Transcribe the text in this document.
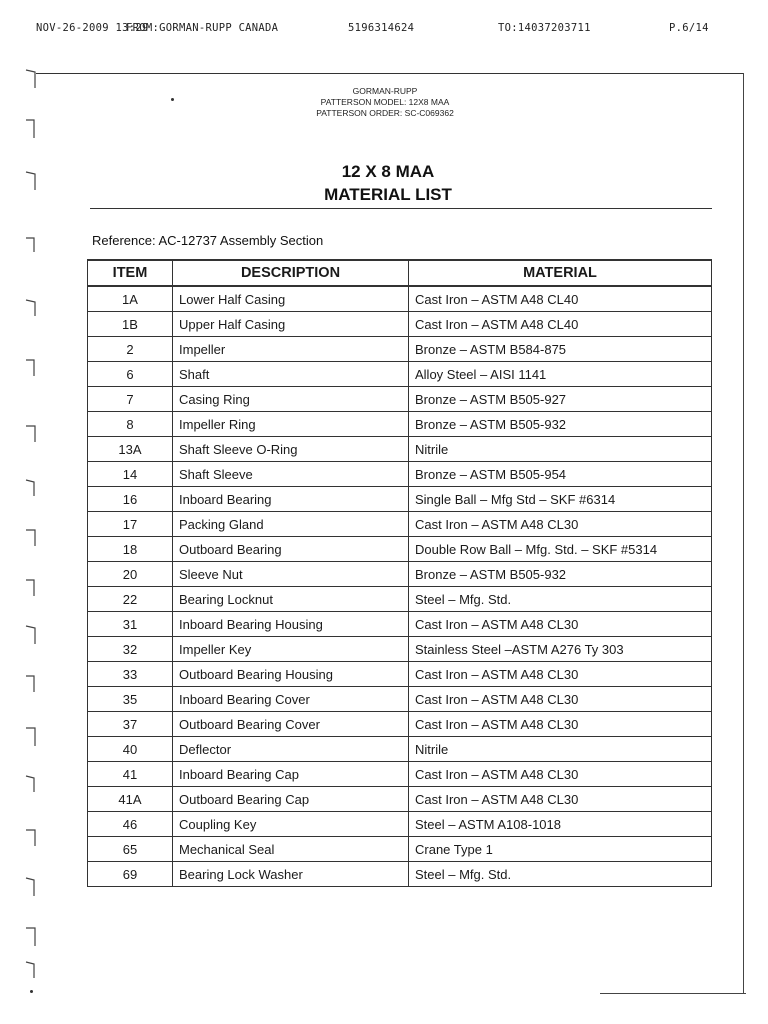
NOV-26-2009 13:29
FROM:GORMAN-RUPP CANADA	5196314624	TO:14037203711	P.6/14
GORMAN-RUPP
PATTERSON MODEL: 12X8 MAA
PATTERSON ORDER: SC-C069362
12 X 8 MAA
MATERIAL LIST
Reference: AC-12737 Assembly Section
ITEM	DESCRIPTION	MATERIAL
1A	Lower Half Casing	Cast Iron – ASTM A48 CL40
1B	Upper Half Casing	Cast Iron – ASTM A48 CL40
2	Impeller	Bronze – ASTM B584-875
6	Shaft	Alloy Steel – AISI 1141
7	Casing Ring	Bronze – ASTM B505-927
8	Impeller Ring	Bronze – ASTM B505-932
13A	Shaft Sleeve O-Ring	Nitrile
14	Shaft Sleeve	Bronze – ASTM B505-954
16	Inboard Bearing	Single Ball – Mfg Std – SKF #6314
17	Packing Gland	Cast Iron – ASTM A48 CL30
18	Outboard Bearing	Double Row Ball – Mfg. Std. – SKF #5314
20	Sleeve Nut	Bronze – ASTM B505-932
22	Bearing Locknut	Steel – Mfg. Std.
31	Inboard Bearing Housing	Cast Iron – ASTM A48 CL30
32	Impeller Key	Stainless Steel –ASTM A276 Ty 303
33	Outboard Bearing Housing	Cast Iron – ASTM A48 CL30
35	Inboard Bearing Cover	Cast Iron – ASTM A48 CL30
37	Outboard Bearing Cover	Cast Iron – ASTM A48 CL30
40	Deflector	Nitrile
41	Inboard Bearing Cap	Cast Iron – ASTM A48 CL30
41A	Outboard Bearing Cap	Cast Iron – ASTM A48 CL30
46	Coupling Key	Steel – ASTM A108-1018
65	Mechanical Seal	Crane Type 1
69	Bearing Lock Washer	Steel – Mfg. Std.
